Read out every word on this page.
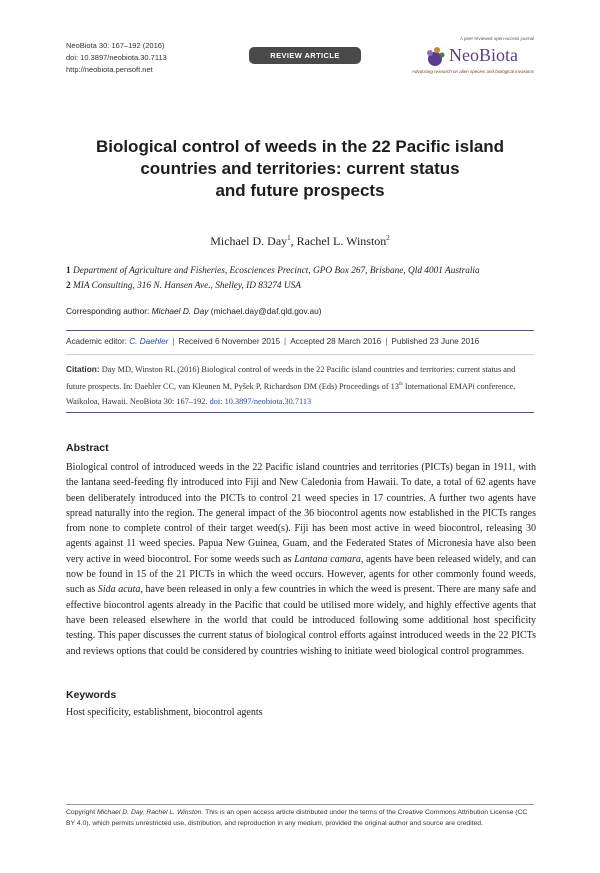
NeoBiota 30: 167–192 (2016)
doi: 10.3897/neobiota.30.7113
http://neobiota.pensoft.net
REVIEW ARTICLE
A peer-reviewed open-access journal
NeoBiota
Advancing research on alien species and biological invasions
Biological control of weeds in the 22 Pacific island
countries and territories: current status
and future prospects
Michael D. Day$^1$, Rachel L. Winston$^2$
1 Department of Agriculture and Fisheries, Ecosciences Precinct, GPO Box 267, Brisbane, Qld 4001 Australia
2 MIA Consulting, 316 N. Hansen Ave., Shelley, ID 83274 USA
Corresponding author: Michael D. Day (michael.day@daf.qld.gov.au)
Academic editor: C. Daehler | Received 6 November 2015 | Accepted 28 March 2016 | Published 23 June 2016
Citation: Day MD, Winston RL (2016) Biological control of weeds in the 22 Pacific island countries and territories: current status and future prospects. In: Daehler CC, van Kleunen M, Pyšek P, Richardson DM (Eds) Proceedings of 13th International EMAPi conference, Waikoloa, Hawaii. NeoBiota 30: 167–192. doi: 10.3897/neobiota.30.7113
Abstract
Biological control of introduced weeds in the 22 Pacific island countries and territories (PICTs) began in 1911, with the lantana seed-feeding fly introduced into Fiji and New Caledonia from Hawaii. To date, a total of 62 agents have been deliberately introduced into the PICTs to control 21 weed species in 17 countries. A further two agents have spread naturally into the region. The general impact of the 36 biocontrol agents now established in the PICTs ranges from none to complete control of their target weed(s). Fiji has been most active in weed biocontrol, releasing 30 agents against 11 weed species. Papua New Guinea, Guam, and the Federated States of Micronesia have also been very active in weed biocontrol. For some weeds such as Lantana camara, agents have been released widely, and can now be found in 15 of the 21 PICTs in which the weed occurs. However, agents for other commonly found weeds, such as Sida acuta, have been released in only a few countries in which the weed is present. There are many safe and effective biocontrol agents already in the Pacific that could be utilised more widely, and highly effective agents that have been released elsewhere in the world that could be introduced following some additional host specificity testing. This paper discusses the current status of biological control efforts against introduced weeds in the 22 PICTs and reviews options that could be considered by countries wishing to initiate weed biological control programmes.
Keywords
Host specificity, establishment, biocontrol agents
Copyright Michael D. Day, Rachel L. Winston. This is an open access article distributed under the terms of the Creative Commons Attribution License (CC BY 4.0), which permits unrestricted use, distribution, and reproduction in any medium, provided the original author and source are credited.
